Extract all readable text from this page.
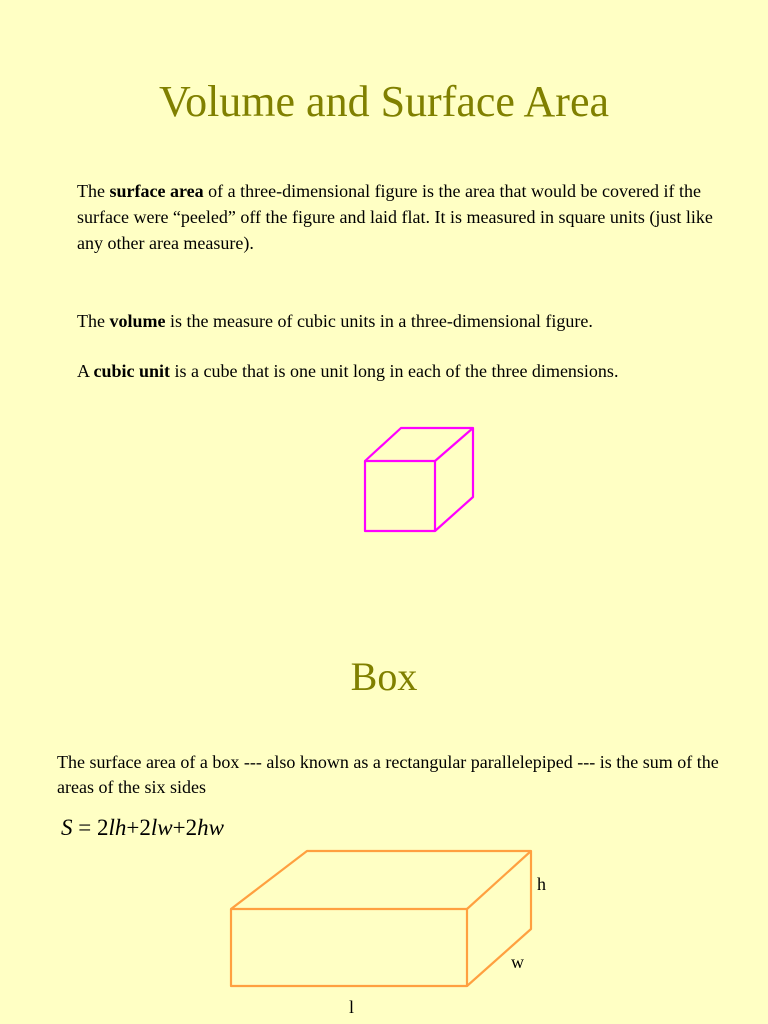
Volume and Surface Area

The surface area of a three-dimensional figure is the area that would be covered if the surface were “peeled” off the figure and laid flat. It is measured in square units (just like any other area measure).

The volume is the measure of cubic units in a three-dimensional figure.

A cubic unit is a cube that is one unit long in each of the three dimensions.

Box

The surface area of a box --- also known as a rectangular parallelepiped --- is the sum of the areas of the six sides

S = 2lh+2lw+2hw
h
w
l
